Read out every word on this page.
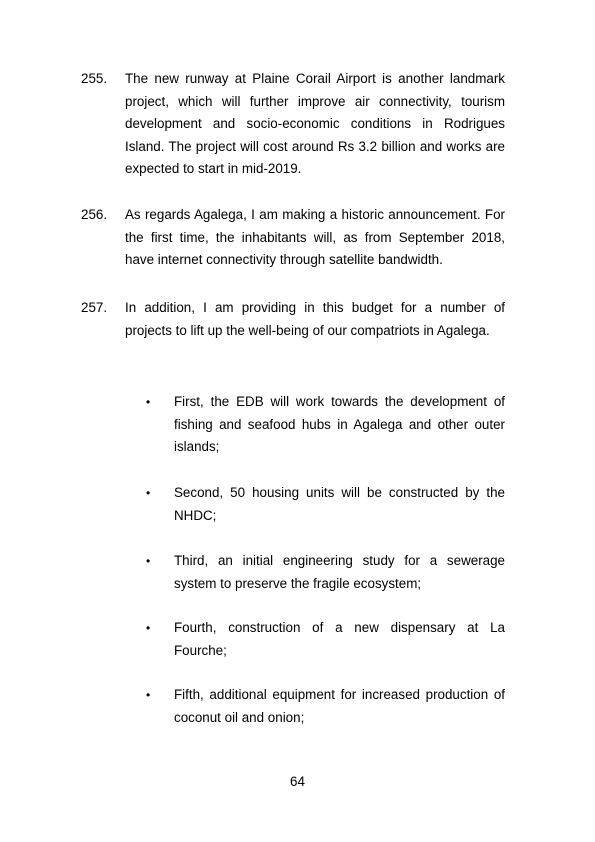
255.	The new runway at Plaine Corail Airport is another landmark project, which will further improve air connectivity, tourism development and socio-economic conditions in Rodrigues Island. The project will cost around Rs 3.2 billion and works are expected to start in mid-2019.
256.	As regards Agalega, I am making a historic announcement. For the first time, the inhabitants will, as from September 2018, have internet connectivity through satellite bandwidth.
257.	In addition, I am providing in this budget for a number of projects to lift up the well-being of our compatriots in Agalega.
•	First, the EDB will work towards the development of fishing and seafood hubs in Agalega and other outer islands;
•	Second, 50 housing units will be constructed by the NHDC;
•	Third, an initial engineering study for a sewerage system to preserve the fragile ecosystem;
•	Fourth, construction of a new dispensary at La Fourche;
•	Fifth, additional equipment for increased production of coconut oil and onion;
64
